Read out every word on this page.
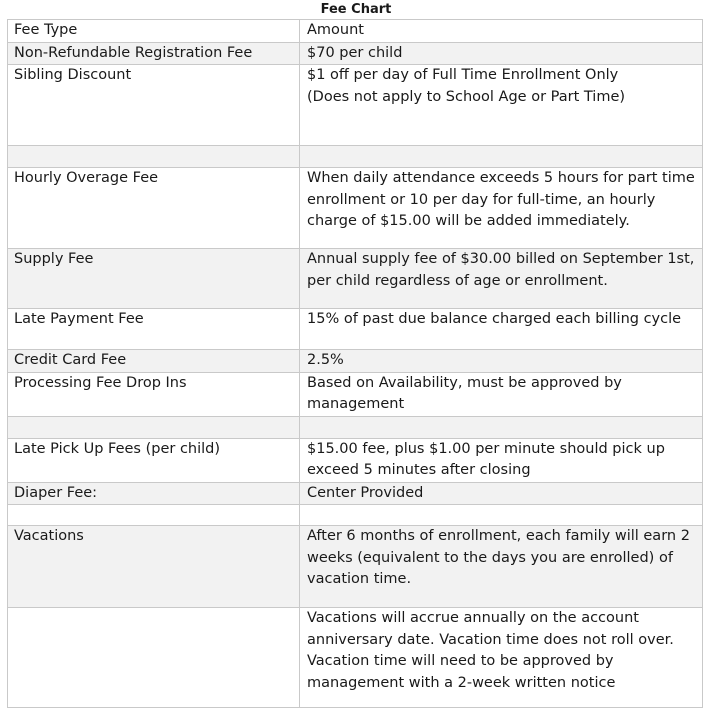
Fee Chart
Fee Type	Amount
Non-Refundable Registration Fee	$70 per child
Sibling Discount	$1 off per day of Full Time Enrollment Only
(Does not apply to School Age or Part Time)

Hourly Overage Fee	When daily attendance exceeds 5 hours for part time enrollment or 10 per day for full-time, an hourly charge of $15.00 will be added immediately.
Supply Fee	Annual supply fee of $30.00 billed on September 1st, per child regardless of age or enrollment.
Late Payment Fee	15% of past due balance charged each billing cycle
Credit Card Fee	2.5%
Processing Fee Drop Ins	Based on Availability, must be approved by management

Late Pick Up Fees (per child)	$15.00 fee, plus $1.00 per minute should pick up exceed 5 minutes after closing
Diaper Fee:	Center Provided

Vacations	After 6 months of enrollment, each family will earn 2 weeks (equivalent to the days you are enrolled) of vacation time.
	Vacations will accrue annually on the account anniversary date. Vacation time does not roll over. Vacation time will need to be approved by management with a 2-week written notice
